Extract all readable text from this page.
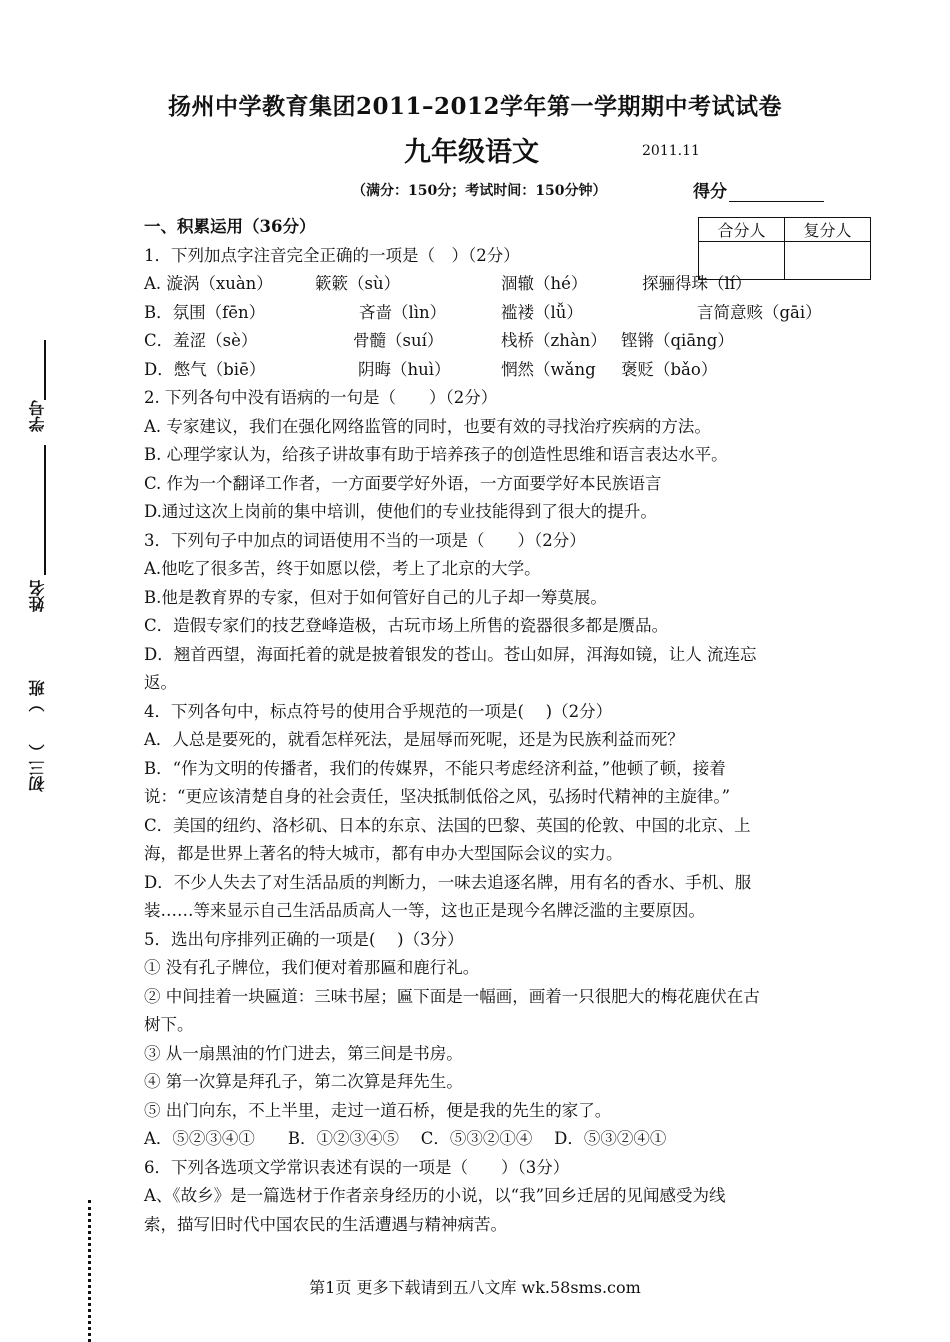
扬州中学教育集团2011–2012学年第一学期期中考试试卷
九年级语文	2011.11
（满分：150分；考试时间：150分钟）	得分
合分人	复分人

一、积累运用（36分）
1．下列加点字注音完全正确的一项是（　）（2分）
A. 漩涡（xuàn）	簌簌（sù）	涸辙（hé）	探骊得珠（lí）
B．氛围（fēn）	吝啬（lìn）	褴褛（lǚ）	言简意赅（gāi）
C．羞涩（sè）	骨髓（suí）	栈桥（zhàn） 铿锵（qiāng）
D．憋气（biē）	阴晦（huì）	惘然（wǎng 褒贬（bǎo）
2. 下列各句中没有语病的一句是（　　）（2分）
A. 专家建议，我们在强化网络监管的同时，也要有效的寻找治疗疾病的方法。
B. 心理学家认为，给孩子讲故事有助于培养孩子的创造性思维和语言表达水平。
C. 作为一个翻译工作者，一方面要学好外语，一方面要学好本民族语言
D.通过这次上岗前的集中培训，使他们的专业技能得到了很大的提升。
3．下列句子中加点的词语使用不当的一项是（　　）（2分）
A.他吃了很多苦，终于如愿以偿，考上了北京的大学。
B.他是教育界的专家，但对于如何管好自己的儿子却一筹莫展。
C．造假专家们的技艺登峰造极，古玩市场上所售的瓷器很多都是赝品。
D．翘首西望，海面托着的就是披着银发的苍山。苍山如屏，洱海如镜，让人 流连忘
返。
4．下列各句中，标点符号的使用合乎规范的一项是(　 )（2分）
A．人总是要死的，就看怎样死法，是屈辱而死呢，还是为民族利益而死？
B．“作为文明的传播者，我们的传媒界，不能只考虑经济利益，”他顿了顿，接着
说：“更应该清楚自身的社会责任，坚决抵制低俗之风，弘扬时代精神的主旋律。”
C．美国的纽约、洛杉矶、日本的东京、法国的巴黎、英国的伦敦、中国的北京、上
海，都是世界上著名的特大城市，都有申办大型国际会议的实力。
D．不少人失去了对生活品质的判断力，一味去追逐名牌，用有名的香水、手机、服
装……等来显示自己生活品质高人一等，这也正是现今名牌泛滥的主要原因。
5．选出句序排列正确的一项是(　 )（3分）
① 没有孔子牌位，我们便对着那匾和鹿行礼。
② 中间挂着一块匾道：三味书屋；匾下面是一幅画，画着一只很肥大的梅花鹿伏在古
树下。
③ 从一扇黑油的竹门进去，第三间是书房。
④ 第一次算是拜孔子，第二次算是拜先生。
⑤ 出门向东，不上半里，走过一道石桥，便是我的先生的家了。
A．⑤②③④①　　B．①②③④⑤　 C．⑤③②①④　 D．⑤③②④①
6．下列各选项文学常识表述有误的一项是（　　）（3分）
A、《故乡》是一篇选材于作者亲身经历的小说，以“我”回乡迁居的见闻感受为线
索，描写旧时代中国农民的生活遭遇与精神病苦。
学号
姓名
初三（　　）班
第1页 更多下载请到五八文库 wk.58sms.com
